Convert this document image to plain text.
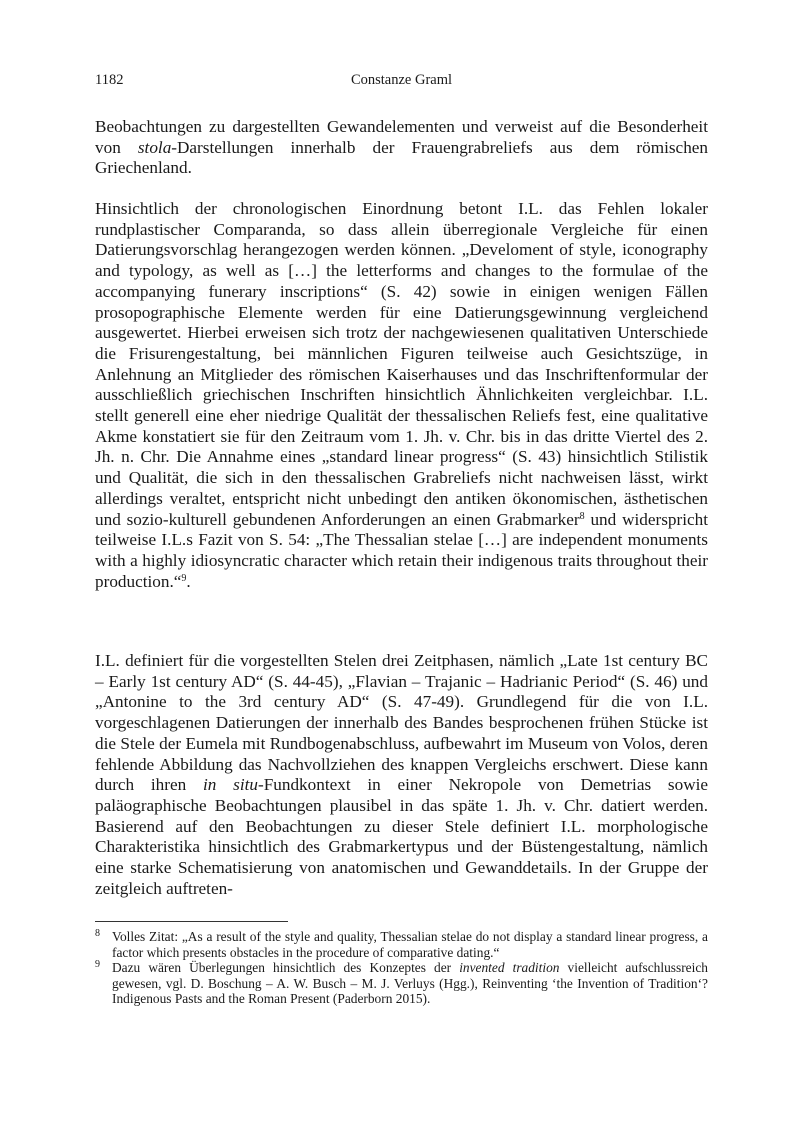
1182	Constanze Graml

Beobachtungen zu dargestellten Gewandelementen und verweist auf die Besonderheit von stola-Darstellungen innerhalb der Frauengrabreliefs aus dem römischen Griechenland.

Hinsichtlich der chronologischen Einordnung betont I.L. das Fehlen lokaler rundplastischer Comparanda, so dass allein überregionale Vergleiche für einen Datierungsvorschlag herangezogen werden können. „Develoment of style, iconography and typology, as well as […] the letterforms and changes to the formulae of the accompanying funerary inscriptions“ (S. 42) sowie in einigen wenigen Fällen prosopographische Elemente werden für eine Datierungsgewinnung vergleichend ausgewertet. Hierbei erweisen sich trotz der nachgewiesenen qualitativen Unterschiede die Frisurengestaltung, bei männlichen Figuren teilweise auch Gesichtszüge, in Anlehnung an Mitglieder des römischen Kaiserhauses und das Inschriftenformular der ausschließlich griechischen Inschriften hinsichtlich Ähnlichkeiten vergleichbar. I.L. stellt generell eine eher niedrige Qualität der thessalischen Reliefs fest, eine qualitative Akme konstatiert sie für den Zeitraum vom 1. Jh. v. Chr. bis in das dritte Viertel des 2. Jh. n. Chr. Die Annahme eines „standard linear progress“ (S. 43) hinsichtlich Stilistik und Qualität, die sich in den thessalischen Grabreliefs nicht nachweisen lässt, wirkt allerdings veraltet, entspricht nicht unbedingt den antiken ökonomischen, ästhetischen und sozio-kulturell gebundenen Anforderungen an einen Grabmarker$^8$ und widerspricht teilweise I.L.s Fazit von S. 54: „The Thessalian stelae […] are independent monuments with a highly idiosyncratic character which retain their indigenous traits throughout their production.“$^9$.

I.L. definiert für die vorgestellten Stelen drei Zeitphasen, nämlich „Late 1st century BC – Early 1st century AD“ (S. 44-45), „Flavian – Trajanic – Hadrianic Period“ (S. 46) und „Antonine to the 3rd century AD“ (S. 47-49). Grundlegend für die von I.L. vorgeschlagenen Datierungen der innerhalb des Bandes besprochenen frühen Stücke ist die Stele der Eumela mit Rundbogenabschluss, aufbewahrt im Museum von Volos, deren fehlende Abbildung das Nachvollziehen des knappen Vergleichs erschwert. Diese kann durch ihren in situ-Fundkontext in einer Nekropole von Demetrias sowie paläographische Beobachtungen plausibel in das späte 1. Jh. v. Chr. datiert werden. Basierend auf den Beobachtungen zu dieser Stele definiert I.L. morphologische Charakteristika hinsichtlich des Grabmarkertypus und der Büstengestaltung, nämlich eine starke Schematisierung von anatomischen und Gewanddetails. In der Gruppe der zeitgleich auftreten-

8 Volles Zitat: „As a result of the style and quality, Thessalian stelae do not display a standard linear progress, a factor which presents obstacles in the procedure of comparative dating.“

9 Dazu wären Überlegungen hinsichtlich des Konzeptes der invented tradition vielleicht aufschlussreich gewesen, vgl. D. Boschung – A. W. Busch – M. J. Verluys (Hgg.), Reinventing ‘the Invention of Tradition‘? Indigenous Pasts and the Roman Present (Paderborn 2015).
